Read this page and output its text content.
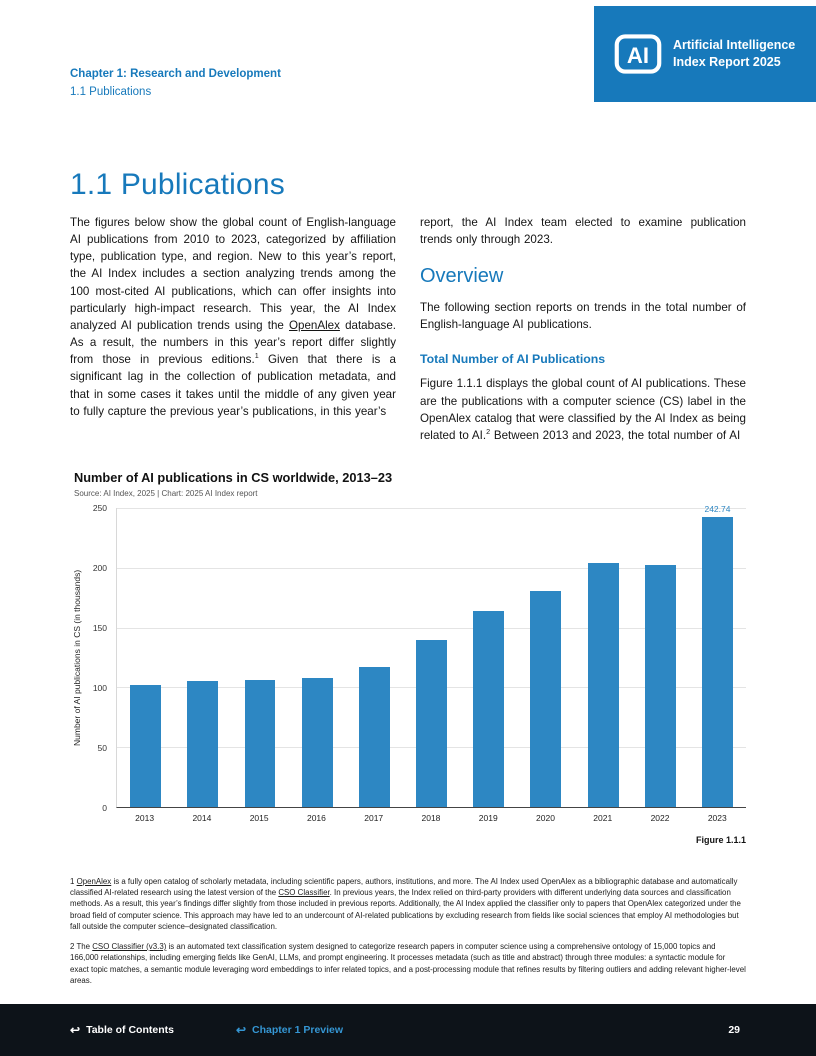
AI Artificial Intelligence
Index Report 2025
Chapter 1: Research and Development
1.1 Publications
1.1 Publications

The figures below show the global count of English-language AI publications from 2010 to 2023, categorized by affiliation type, publication type, and region. New to this year’s report, the AI Index includes a section analyzing trends among the 100 most-cited AI publications, which can offer insights into particularly high-impact research. This year, the AI Index analyzed AI publication trends using the OpenAlex database. As a result, the numbers in this year’s report differ slightly from those in previous editions.$^1$ Given that there is a significant lag in the collection of publication metadata, and that in some cases it takes until the middle of any given year to fully capture the previous year’s publications, in this year’s

report, the AI Index team elected to examine publication trends only through 2023.

Overview

The following section reports on trends in the total number of English-language AI publications.

Total Number of AI Publications

Figure 1.1.1 displays the global count of AI publications. These are the publications with a computer science (CS) label in the OpenAlex catalog that were classified by the AI Index as being related to AI.$^2$ Between 2013 and 2023, the total number of AI

Number of AI publications in CS worldwide, 2013–23
Source: AI Index, 2025 | Chart: 2025 AI Index report
Number of AI publications in CS (in thousands)
0
50
100
150
200
250	242.74
2013	2014	2015	2016	2017	2018	2019	2020	2021	2022	2023
Figure 1.1.1

1 OpenAlex is a fully open catalog of scholarly metadata, including scientific papers, authors, institutions, and more. The AI Index used OpenAlex as a bibliographic database and automatically classified AI-related research using the latest version of the CSO Classifier. In previous years, the Index relied on third-party providers with different underlying data sources and classification methods. As a result, this year’s findings differ slightly from those included in previous reports. Additionally, the AI Index applied the classifier only to papers that OpenAlex categorized under the broad field of computer science. This approach may have led to an undercount of AI-related publications by excluding research from fields like social sciences that employ AI methodologies but fall outside the computer science–designated classification.

2 The CSO Classifier (v3.3) is an automated text classification system designed to categorize research papers in computer science using a comprehensive ontology of 15,000 topics and 166,000 relationships, including emerging fields like GenAI, LLMs, and prompt engineering. It processes metadata (such as title and abstract) through three modules: a syntactic module for exact topic matches, a semantic module leveraging word embeddings to infer related topics, and a post-processing module that refines results by filtering outliers and adding relevant higher-level areas.

↩ Table of Contents	↩ Chapter 1 Preview	29
